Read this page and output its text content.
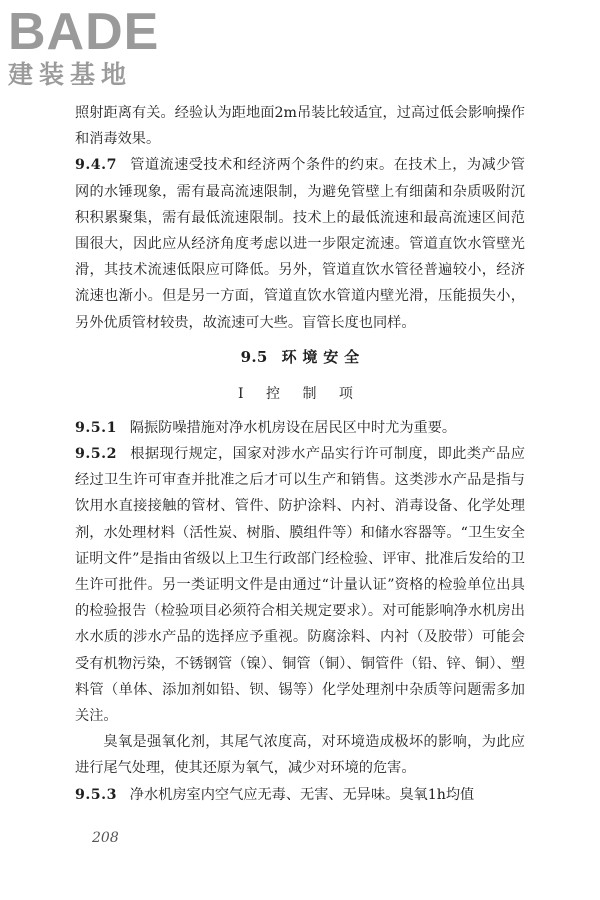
BADE
建装基地

照射距离有关。经验认为距地面2m吊装比较适宜，过高过低会影响操作和消毒效果。

9.4.7 管道流速受技术和经济两个条件的约束。在技术上，为减少管网的水锤现象，需有最高流速限制，为避免管壁上有细菌和杂质吸附沉积积累聚集，需有最低流速限制。技术上的最低流速和最高流速区间范围很大，因此应从经济角度考虑以进一步限定流速。管道直饮水管壁光滑，其技术流速低限应可降低。另外，管道直饮水管径普遍较小，经济流速也渐小。但是另一方面，管道直饮水管道内壁光滑，压能损失小，另外优质管材较贵，故流速可大些。盲管长度也同样。

9.5 环 境 安 全
Ⅰ 控 制 项

9.5.1 隔振防噪措施对净水机房设在居民区中时尤为重要。

9.5.2 根据现行规定，国家对涉水产品实行许可制度，即此类产品应经过卫生许可审查并批准之后才可以生产和销售。这类涉水产品是指与饮用水直接接触的管材、管件、防护涂料、内衬、消毒设备、化学处理剂，水处理材料（活性炭、树脂、膜组件等）和储水容器等。“卫生安全证明文件”是指由省级以上卫生行政部门经检验、评审、批准后发给的卫生许可批件。另一类证明文件是由通过“计量认证”资格的检验单位出具的检验报告（检验项目必须符合相关规定要求）。对可能影响净水机房出水水质的涉水产品的选择应予重视。防腐涂料、内衬（及胶带）可能会受有机物污染，不锈钢管（镍）、铜管（铜）、铜管件（铅、锌、铜）、塑料管（单体、添加剂如铅、钡、锡等）化学处理剂中杂质等问题需多加关注。

臭氧是强氧化剂，其尾气浓度高，对环境造成极坏的影响，为此应进行尾气处理，使其还原为氧气，减少对环境的危害。

9.5.3 净水机房室内空气应无毒、无害、无异味。臭氧1h均值

208
